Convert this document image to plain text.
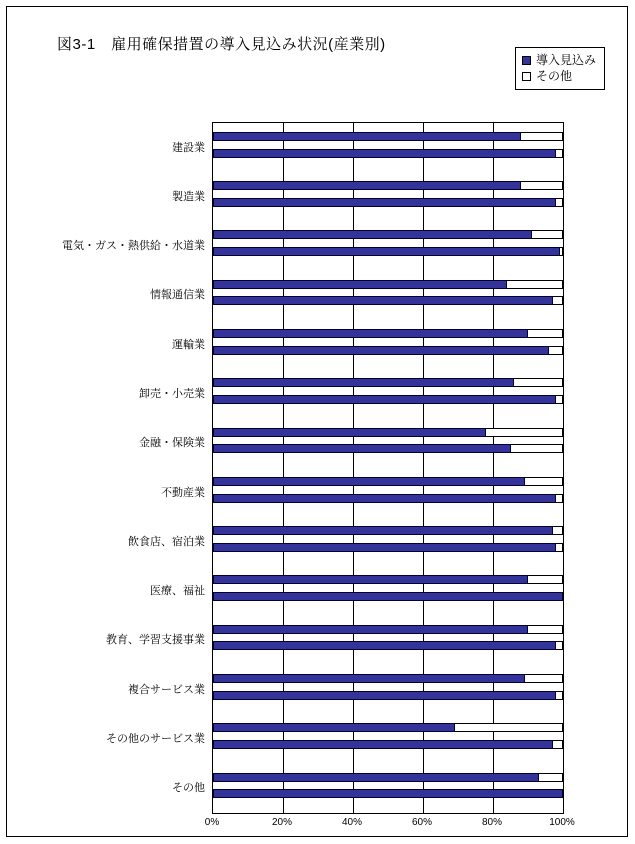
図3-1　雇用確保措置の導入見込み状況(産業別)
導入見込み
その他
建設業
製造業
電気・ガス・熱供給・水道業
情報通信業
運輸業
卸売・小売業
金融・保険業
不動産業
飲食店、宿泊業
医療、福祉
教育、学習支援事業
複合サービス業
その他のサービス業
その他
0%	20%	40%	60%	80%	100%
